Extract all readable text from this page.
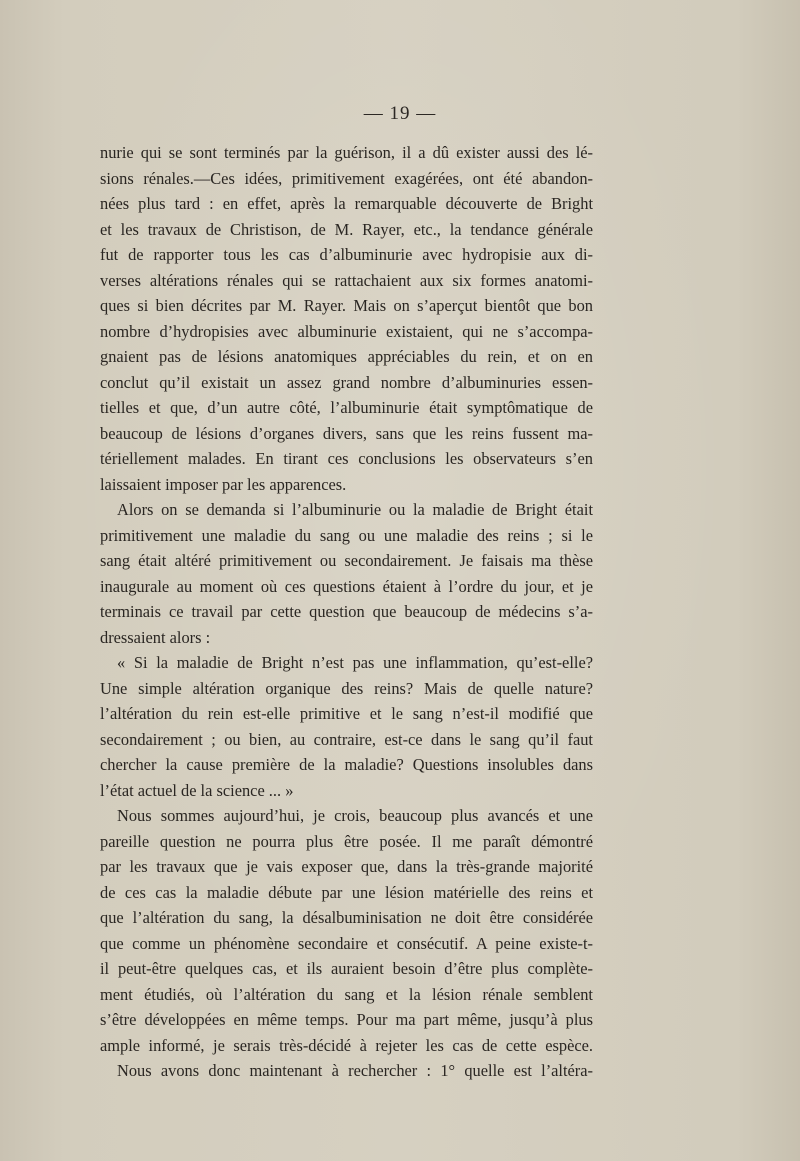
— 19 —
nurie qui se sont terminés par la guérison, il a dû exister aussi des lé-
sions rénales.—Ces idées, primitivement exagérées, ont été abandon-
nées plus tard : en effet, après la remarquable découverte de Bright
et les travaux de Christison, de M. Rayer, etc., la tendance générale
fut de rapporter tous les cas d’albuminurie avec hydropisie aux di-
verses altérations rénales qui se rattachaient aux six formes anatomi-
ques si bien décrites par M. Rayer. Mais on s’aperçut bientôt que bon
nombre d’hydropisies avec albuminurie existaient, qui ne s’accompa-
gnaient pas de lésions anatomiques appréciables du rein, et on en
conclut qu’il existait un assez grand nombre d’albuminuries essen-
tielles et que, d’un autre côté, l’albuminurie était symptômatique de
beaucoup de lésions d’organes divers, sans que les reins fussent ma-
tériellement malades. En tirant ces conclusions les observateurs s’en
laissaient imposer par les apparences.
Alors on se demanda si l’albuminurie ou la maladie de Bright était
primitivement une maladie du sang ou une maladie des reins ; si le
sang était altéré primitivement ou secondairement. Je faisais ma thèse
inaugurale au moment où ces questions étaient à l’ordre du jour, et je
terminais ce travail par cette question que beaucoup de médecins s’a-
dressaient alors :
« Si la maladie de Bright n’est pas une inflammation, qu’est-elle?
Une simple altération organique des reins? Mais de quelle nature?
l’altération du rein est-elle primitive et le sang n’est-il modifié que
secondairement ; ou bien, au contraire, est-ce dans le sang qu’il faut
chercher la cause première de la maladie? Questions insolubles dans
l’état actuel de la science ... »
Nous sommes aujourd’hui, je crois, beaucoup plus avancés et une
pareille question ne pourra plus être posée. Il me paraît démontré
par les travaux que je vais exposer que, dans la très-grande majorité
de ces cas la maladie débute par une lésion matérielle des reins et
que l’altération du sang, la désalbuminisation ne doit être considérée
que comme un phénomène secondaire et consécutif. A peine existe-t-
il peut-être quelques cas, et ils auraient besoin d’être plus complète-
ment étudiés, où l’altération du sang et la lésion rénale semblent
s’être développées en même temps. Pour ma part même, jusqu’à plus
ample informé, je serais très-décidé à rejeter les cas de cette espèce.
Nous avons donc maintenant à rechercher : 1° quelle est l’altéra-
